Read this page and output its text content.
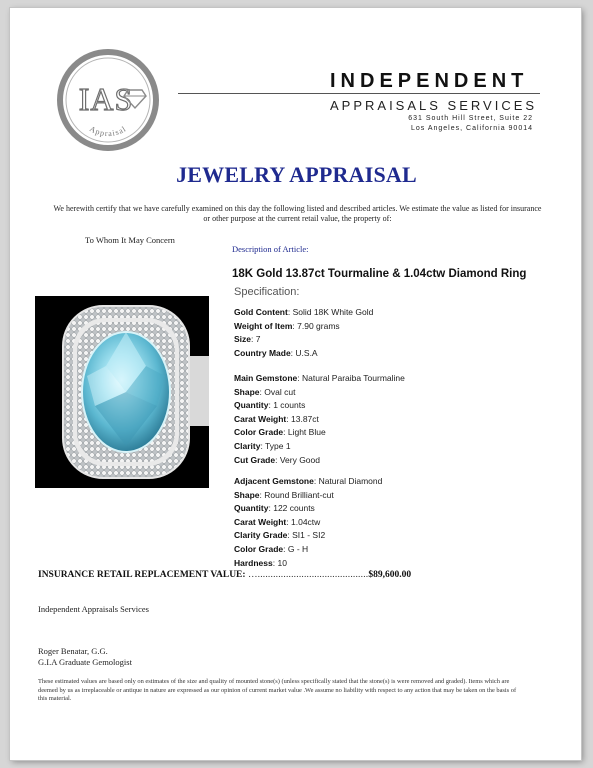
IAS
Appraisal
INDEPENDENT
APPRAISALS SERVICES
631 South Hill Street, Suite 22
Los Angeles, California 90014
JEWELRY APPRAISAL
We herewith certify that we have carefully examined on this day the following listed and described articles. We estimate the value as listed for insurance or other purpose at the current retail value, the property of:
To Whom It May Concern
Description of Article:
18K Gold 13.87ct Tourmaline & 1.04ctw Diamond Ring
Specification:
Gold Content: Solid 18K White Gold
Weight of Item: 7.90 grams
Size: 7
Country Made: U.S.A
Main Gemstone: Natural Paraiba Tourmaline
Shape: Oval cut
Quantity: 1 counts
Carat Weight: 13.87ct
Color Grade: Light Blue
Clarity: Type 1
Cut Grade: Very Good
Adjacent Gemstone: Natural Diamond
Shape: Round Brilliant-cut
Quantity: 122 counts
Carat Weight: 1.04ctw
Clarity Grade: SI1 - SI2
Color Grade: G - H
Hardness: 10
INSURANCE RETAIL REPLACEMENT VALUE: …...........................................$89,600.00
Independent Appraisals Services
Roger Benatar, G.G.
G.I.A Graduate Gemologist
These estimated values are based only on estimates of the size and quality of mounted stone(s) (unless specifically stated that the stone(s) is were removed and graded). Items which are deemed by us as irreplaceable or antique in nature are expressed as our opinion of current market value .We assume no liability with respect to any action that may be taken on the basis of this material.
